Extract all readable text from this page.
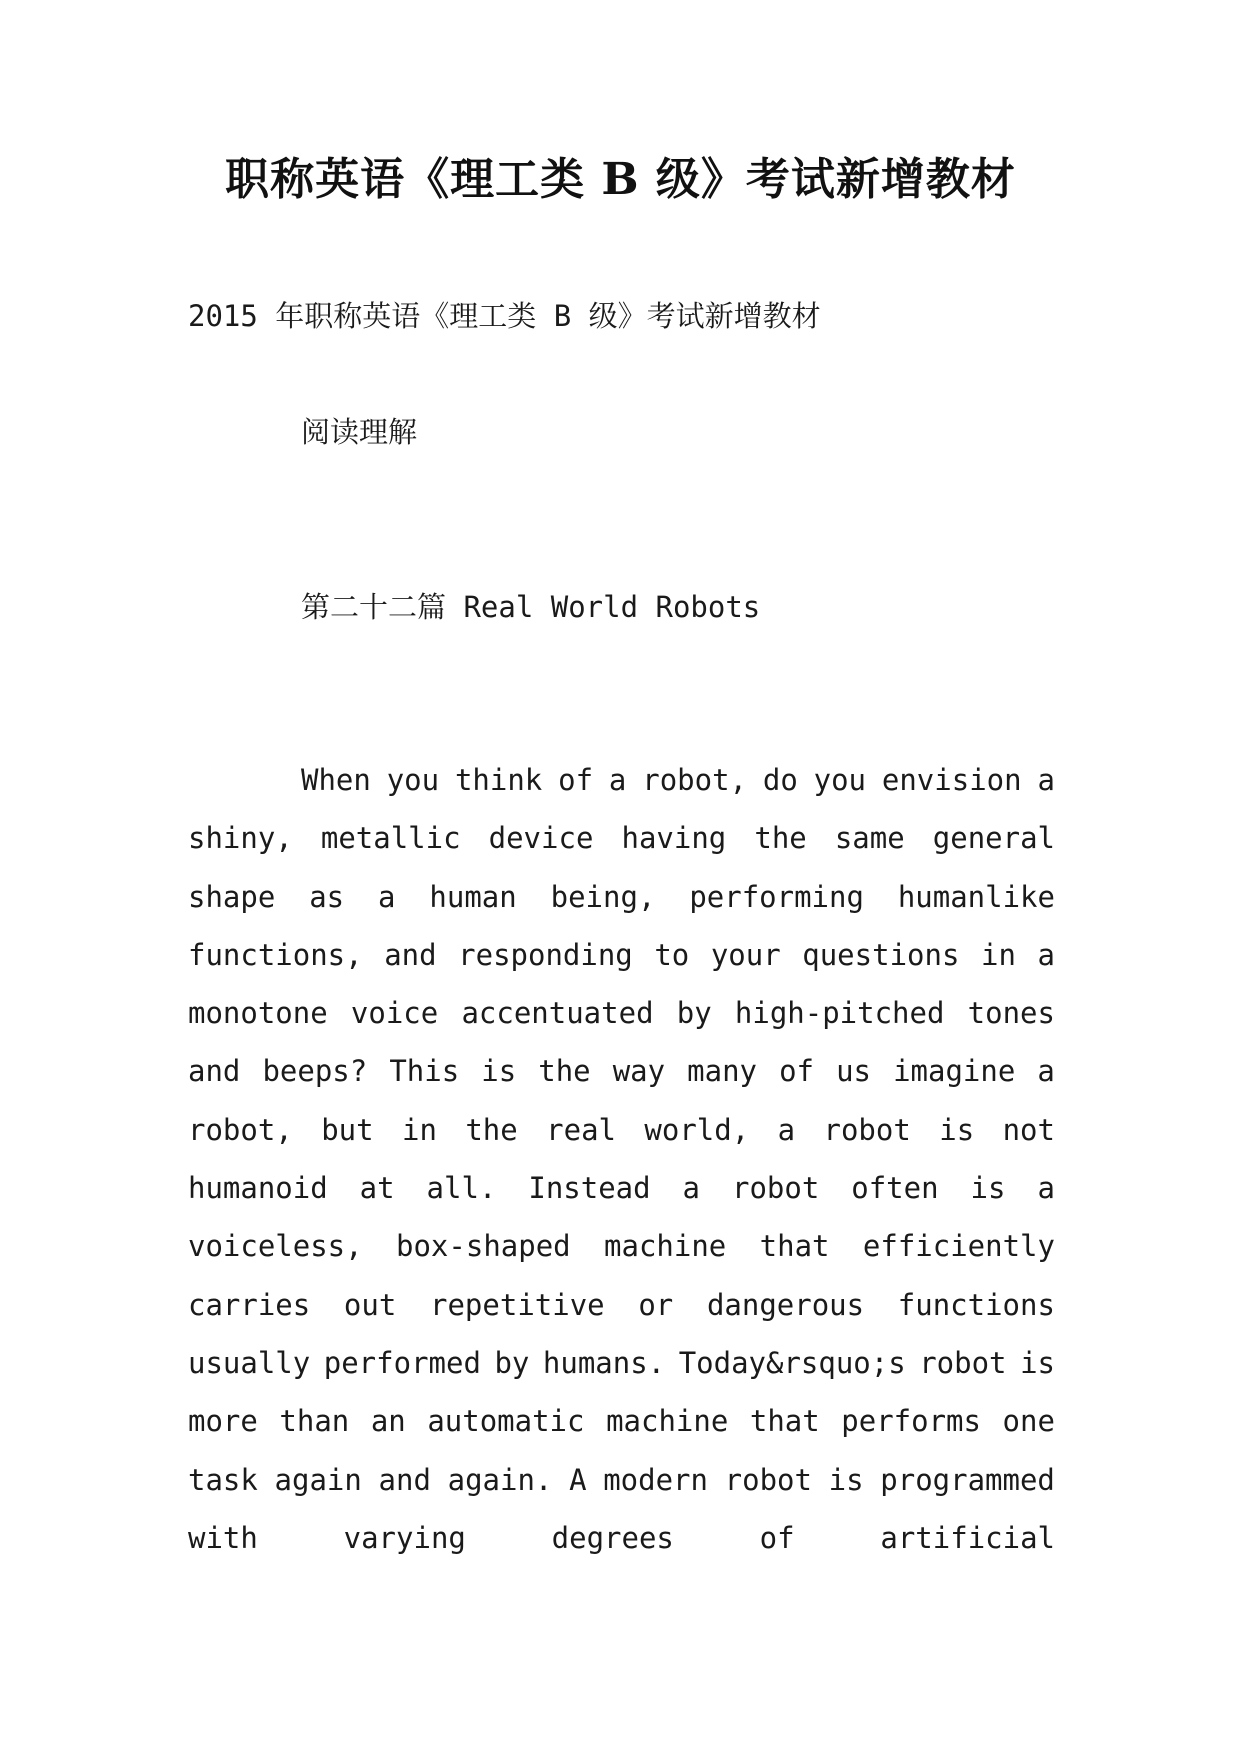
职称英语《理工类 B 级》考试新增教材
2015 年职称英语《理工类 B 级》考试新增教材
阅读理解
第二十二篇 Real World Robots
When you think of a robot, do you envision a
shiny, metallic device having the same general
shape as a human being, performing humanlike
functions, and responding to your questions in a
monotone voice accentuated by high-pitched tones
and beeps? This is the way many of us imagine a
robot, but in the real world, a robot is not
humanoid at all. Instead a robot often is a
voiceless, box-shaped machine that efficiently
carries out repetitive or dangerous functions
usually performed by humans. Today&rsquo;s robot is
more than an automatic machine that performs one
task again and again. A modern robot is programmed
with	varying	degrees	of	artificial
